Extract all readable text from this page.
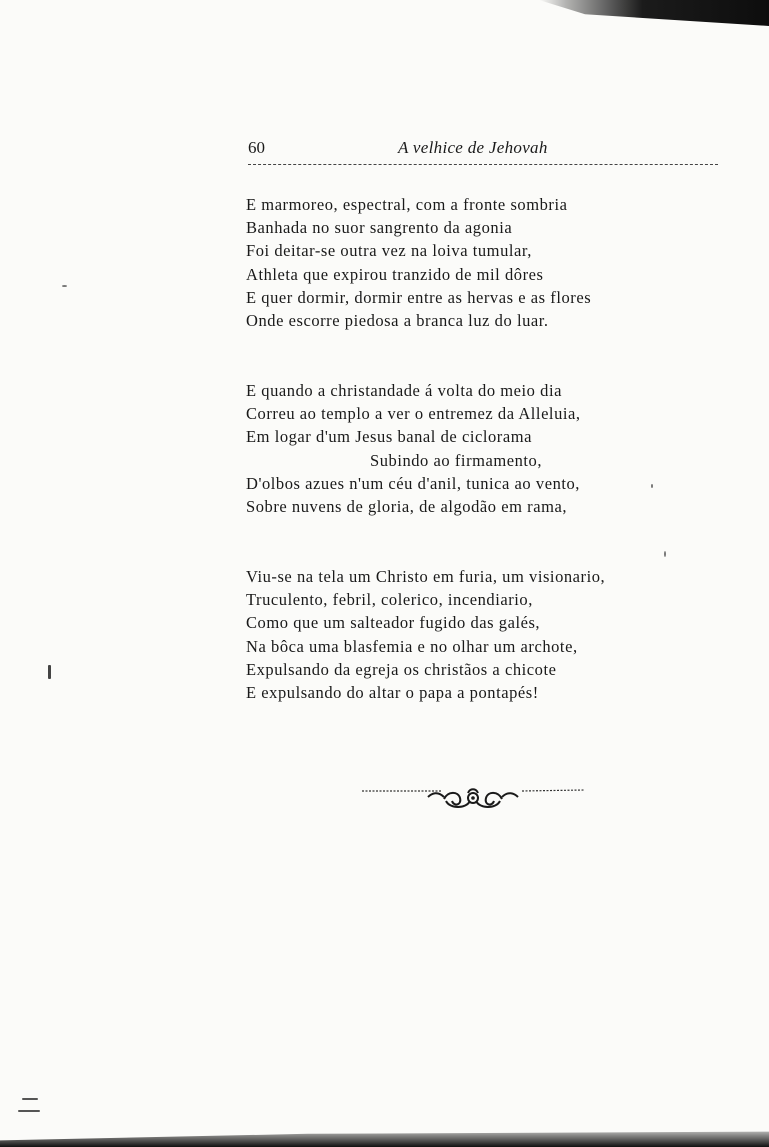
60	A velhice de Jehovah
E marmoreo, espectral, com a fronte sombria
Banhada no suor sangrento da agonia
Foi deitar-se outra vez na loiva tumular,
Athleta que expirou tranzido de mil dôres
E quer dormir, dormir entre as hervas e as flores
Onde escorre piedosa a branca luz do luar.
E quando a christandade á volta do meio dia
Correu ao templo a ver o entremez da Alleluia,
Em logar d'um Jesus banal de ciclorama
Subindo ao firmamento,
D'olbos azues n'um céu d'anil, tunica ao vento,
Sobre nuvens de gloria, de algodão em rama,
Viu-se na tela um Christo em furia, um visionario,
Truculento, febril, colerico, incendiario,
Como que um salteador fugido das galés,
Na bôca uma blasfemia e no olhar um archote,
Expulsando da egreja os christãos a chicote
E expulsando do altar o papa a pontapés!
